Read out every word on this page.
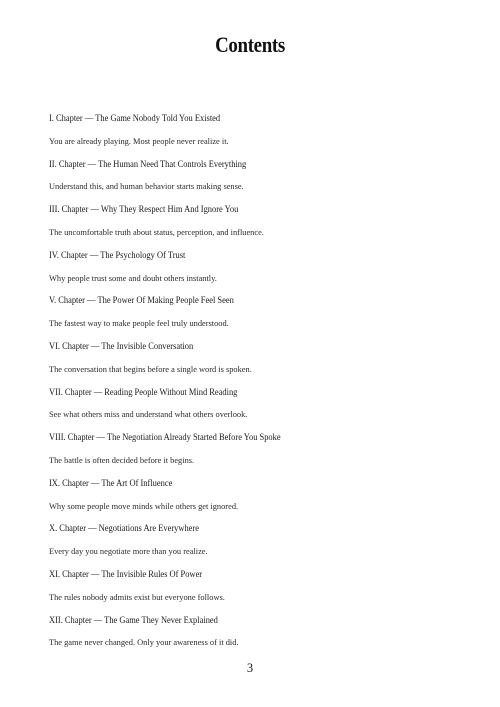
Contents
I. Chapter — The Game Nobody Told You Existed
You are already playing. Most people never realize it.
II. Chapter — The Human Need That Controls Everything
Understand this, and human behavior starts making sense.
III. Chapter — Why They Respect Him And Ignore You
The uncomfortable truth about status, perception, and influence.
IV. Chapter — The Psychology Of Trust
Why people trust some and doubt others instantly.
V. Chapter — The Power Of Making People Feel Seen
The fastest way to make people feel truly understood.
VI. Chapter — The Invisible Conversation
The conversation that begins before a single word is spoken.
VII. Chapter — Reading People Without Mind Reading
See what others miss and understand what others overlook.
VIII. Chapter — The Negotiation Already Started Before You Spoke
The battle is often decided before it begins.
IX. Chapter — The Art Of Influence
Why some people move minds while others get ignored.
X. Chapter — Negotiations Are Everywhere
Every day you negotiate more than you realize.
XI. Chapter — The Invisible Rules Of Power
The rules nobody admits exist but everyone follows.
XII. Chapter — The Game They Never Explained
The game never changed. Only your awareness of it did.
3
